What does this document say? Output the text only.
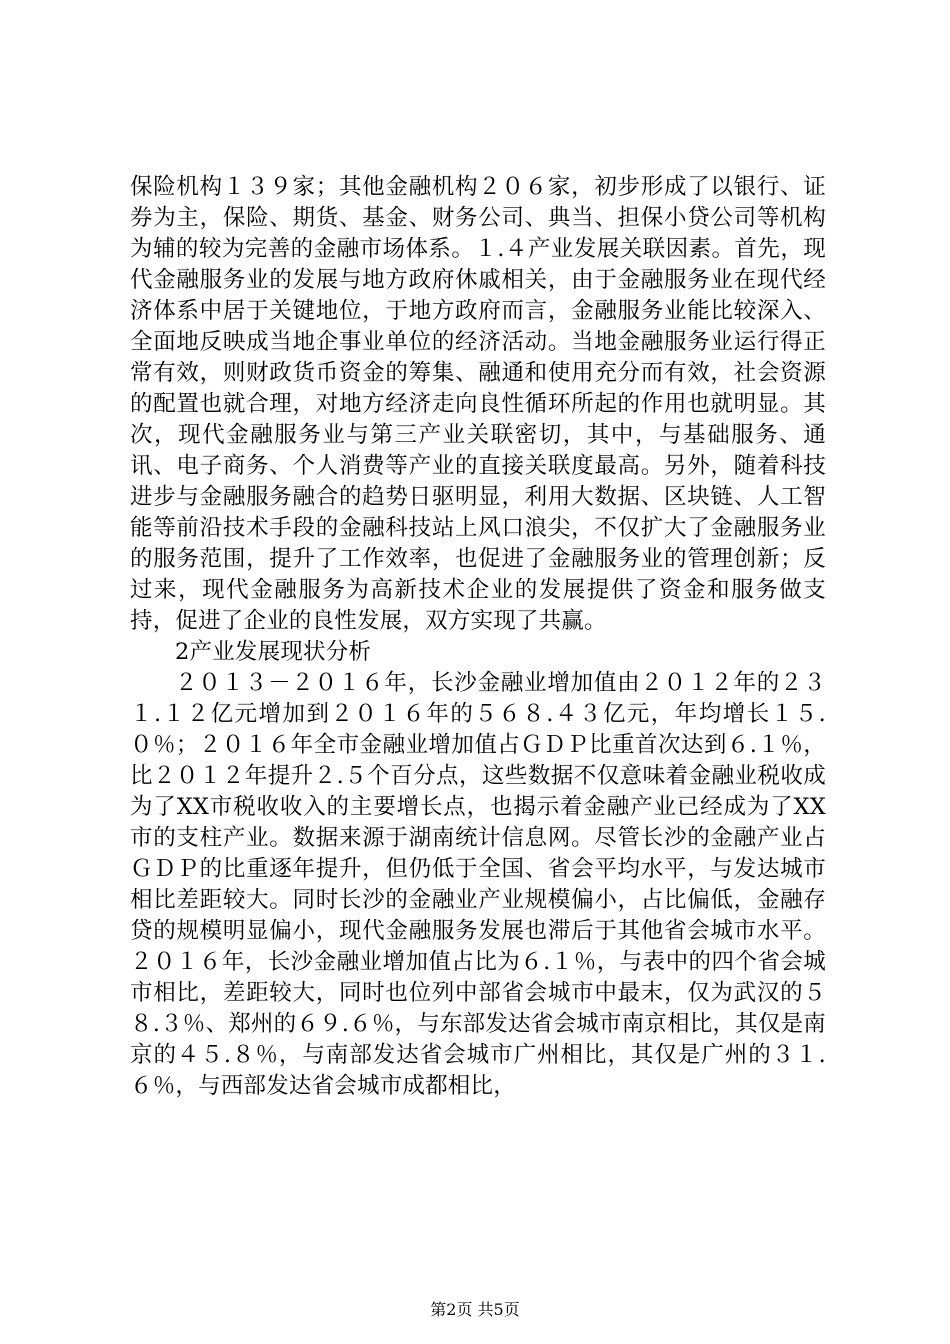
保险机构１３９家；其他金融机构２０６家，初步形成了以银行、证券为主，保险、期货、基金、财务公司、典当、担保小贷公司等机构为辅的较为完善的金融市场体系。１.４产业发展关联因素。首先，现代金融服务业的发展与地方政府休戚相关，由于金融服务业在现代经济体系中居于关键地位，于地方政府而言，金融服务业能比较深入、全面地反映成当地企事业单位的经济活动。当地金融服务业运行得正常有效，则财政货币资金的筹集、融通和使用充分而有效，社会资源的配置也就合理，对地方经济走向良性循环所起的作用也就明显。其次，现代金融服务业与第三产业关联密切，其中，与基础服务、通讯、电子商务、个人消费等产业的直接关联度最高。另外，随着科技进步与金融服务融合的趋势日驱明显，利用大数据、区块链、人工智能等前沿技术手段的金融科技站上风口浪尖，不仅扩大了金融服务业的服务范围，提升了工作效率，也促进了金融服务业的管理创新；反过来，现代金融服务为高新技术企业的发展提供了资金和服务做支持，促进了企业的良性发展，双方实现了共赢。

2产业发展现状分析

２０１３－２０１６年，长沙金融业增加值由２０１２年的２３１.１２亿元增加到２０１６年的５６８.４３亿元，年均增长１５.０％；２０１６年全市金融业增加值占ＧＤＰ比重首次达到６.１％，比２０１２年提升２.５个百分点，这些数据不仅意味着金融业税收成为了XX市税收收入的主要增长点，也揭示着金融产业已经成为了XX市的支柱产业。数据来源于湖南统计信息网。尽管长沙的金融产业占ＧＤＰ的比重逐年提升，但仍低于全国、省会平均水平，与发达城市相比差距较大。同时长沙的金融业产业规模偏小，占比偏低，金融存贷的规模明显偏小，现代金融服务发展也滞后于其他省会城市水平。２０１６年，长沙金融业增加值占比为６.１％，与表中的四个省会城市相比，差距较大，同时也位列中部省会城市中最末，仅为武汉的５８.３％、郑州的６９.６％，与东部发达省会城市南京相比，其仅是南京的４５.８％，与南部发达省会城市广州相比，其仅是广州的３１.６％，与西部发达省会城市成都相比，

第2页 共5页
